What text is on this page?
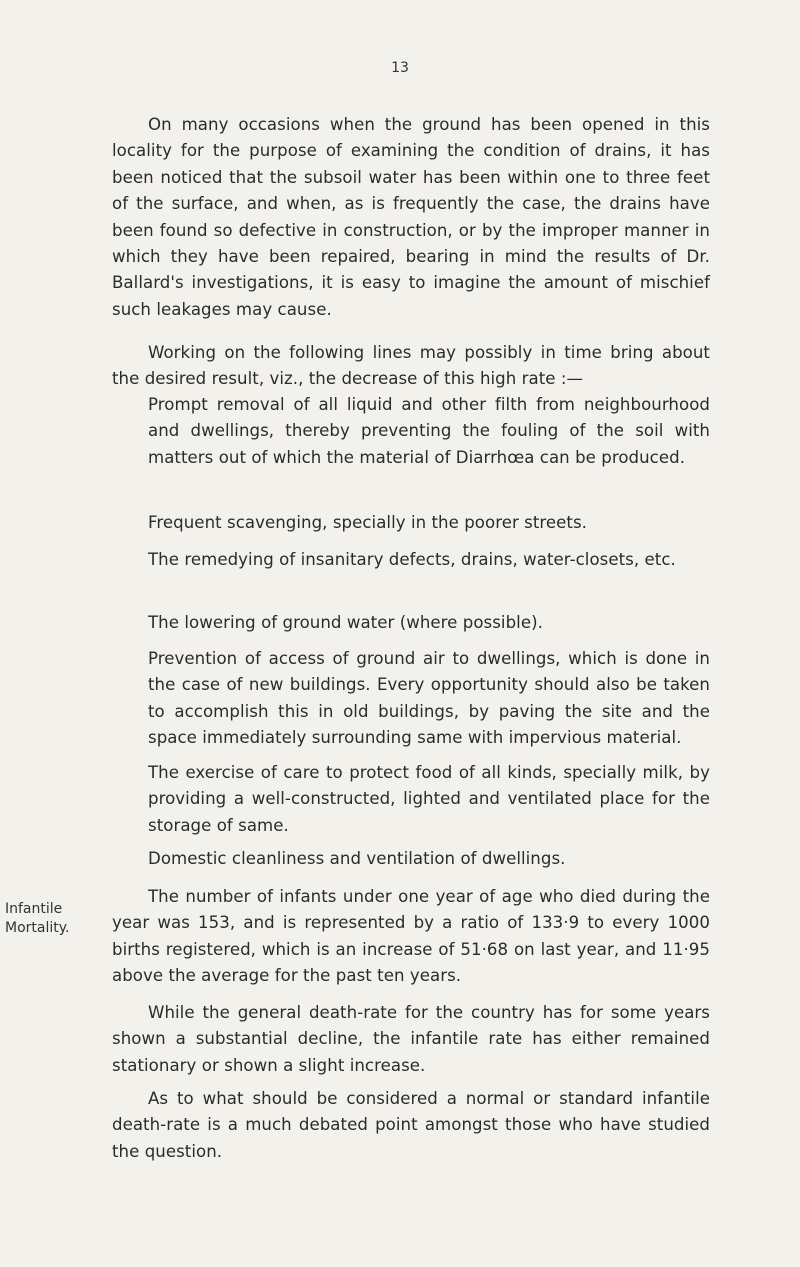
13

On many occasions when the ground has been opened in this locality for the purpose of examining the condition of drains, it has been noticed that the subsoil water has been within one to three feet of the surface, and when, as is frequently the case, the drains have been found so defective in construction, or by the improper manner in which they have been repaired, bearing in mind the results of Dr. Ballard's investigations, it is easy to imagine the amount of mischief such leakages may cause.

Working on the following lines may possibly in time bring about the desired result, viz., the decrease of this high rate :—

Prompt removal of all liquid and other filth from neighbourhood and dwellings, thereby preventing the fouling of the soil with matters out of which the material of Diarrhœa can be produced.

Frequent scavenging, specially in the poorer streets.

The remedying of insanitary defects, drains, water-closets, etc.

The lowering of ground water (where possible).

Prevention of access of ground air to dwellings, which is done in the case of new buildings. Every opportunity should also be taken to accomplish this in old buildings, by paving the site and the space immediately surrounding same with impervious material.

The exercise of care to protect food of all kinds, specially milk, by providing a well-constructed, lighted and ventilated place for the storage of same.

Domestic cleanliness and ventilation of dwellings.

Infantile
Mortality.

The number of infants under one year of age who died during the year was 153, and is represented by a ratio of 133·9 to every 1000 births registered, which is an increase of 51·68 on last year, and 11·95 above the average for the past ten years.

While the general death-rate for the country has for some years shown a substantial decline, the infantile rate has either remained stationary or shown a slight increase.

As to what should be considered a normal or standard infantile death-rate is a much debated point amongst those who have studied the question.
